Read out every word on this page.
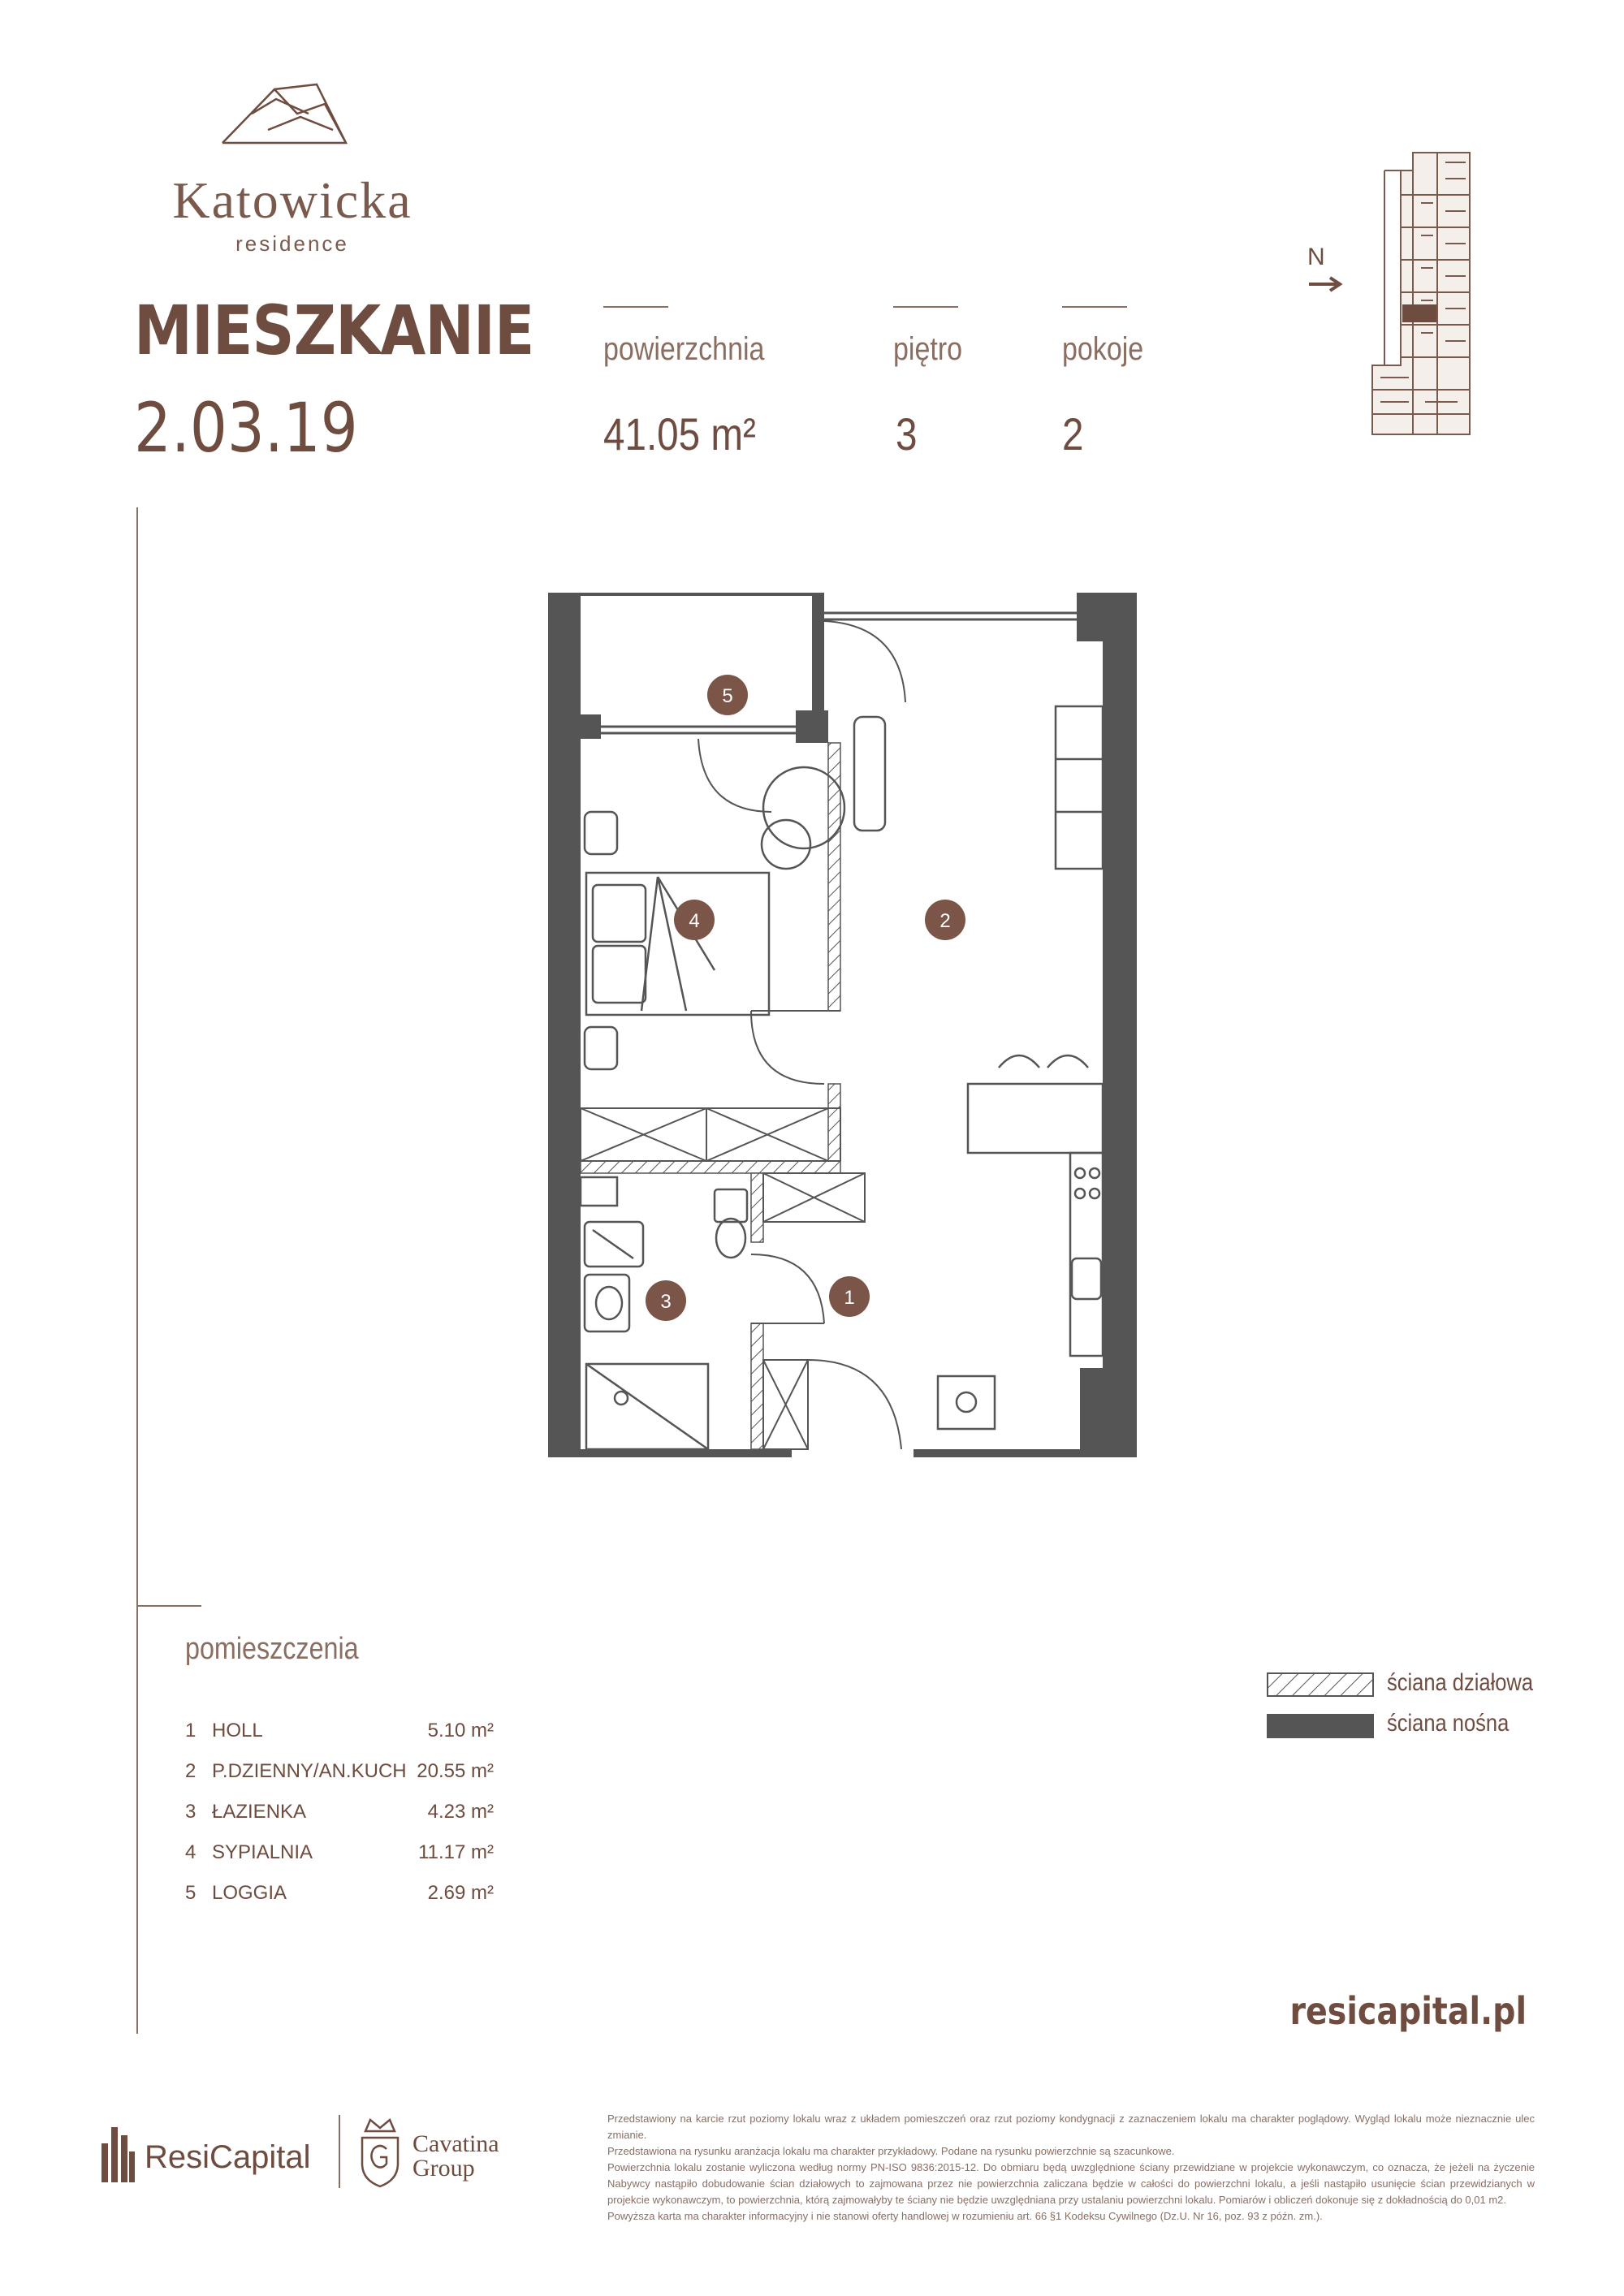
Katowicka
residence
MIESZKANIE
2.03.19
powierzchnia
41.05 m²
piętro
3
pokoje
2
N
1
2
3
4
5
pomieszczenia
1 HOLL	5.10 m²
2 P.DZIENNY/AN.KUCH 20.55 m²
3 ŁAZIENKA	4.23 m²
4 SYPIALNIA	11.17 m²
5 LOGGIA	2.69 m²
ściana działowa
ściana nośna
resicapital.pl
ResiCapital	Cavatina
Group
Przedstawiony na karcie rzut poziomy lokalu wraz z układem pomieszczeń oraz rzut poziomy kondygnacji z zaznaczeniem lokalu ma charakter poglądowy. Wygląd lokalu może nieznacznie ulec zmianie.
Przedstawiona na rysunku aranżacja lokalu ma charakter przykładowy. Podane na rysunku powierzchnie są szacunkowe.
Powierzchnia lokalu zostanie wyliczona według normy PN-ISO 9836:2015-12. Do obmiaru będą uwzględnione ściany przewidziane w projekcie wykonawczym, co oznacza, że jeżeli na życzenie Nabywcy nastąpiło dobudowanie ścian działowych to zajmowana przez nie powierzchnia zaliczana będzie w całości do powierzchni lokalu, a jeśli nastąpiło usunięcie ścian przewidzianych w projekcie wykonawczym, to powierzchnia, którą zajmowałyby te ściany nie będzie uwzględniana przy ustalaniu powierzchni lokalu. Pomiarów i obliczeń dokonuje się z dokładnością do 0,01 m2.
Powyższa karta ma charakter informacyjny i nie stanowi oferty handlowej w rozumieniu art. 66 §1 Kodeksu Cywilnego (Dz.U. Nr 16, poz. 93 z późn. zm.).
